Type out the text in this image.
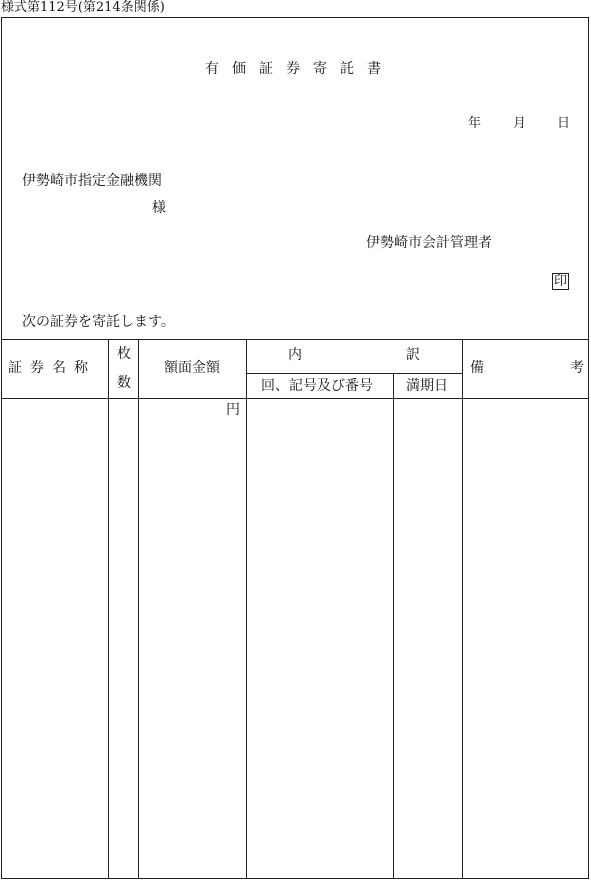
様式第112号(第214条関係)
有価証券寄託書
年 月 日
伊勢崎市指定金融機関
様
伊勢崎市会計管理者
印
次の証券を寄託します。
証券名称
枚
数
額面金額
内	訳
回、記号及び番号 満期日
備	考
円
